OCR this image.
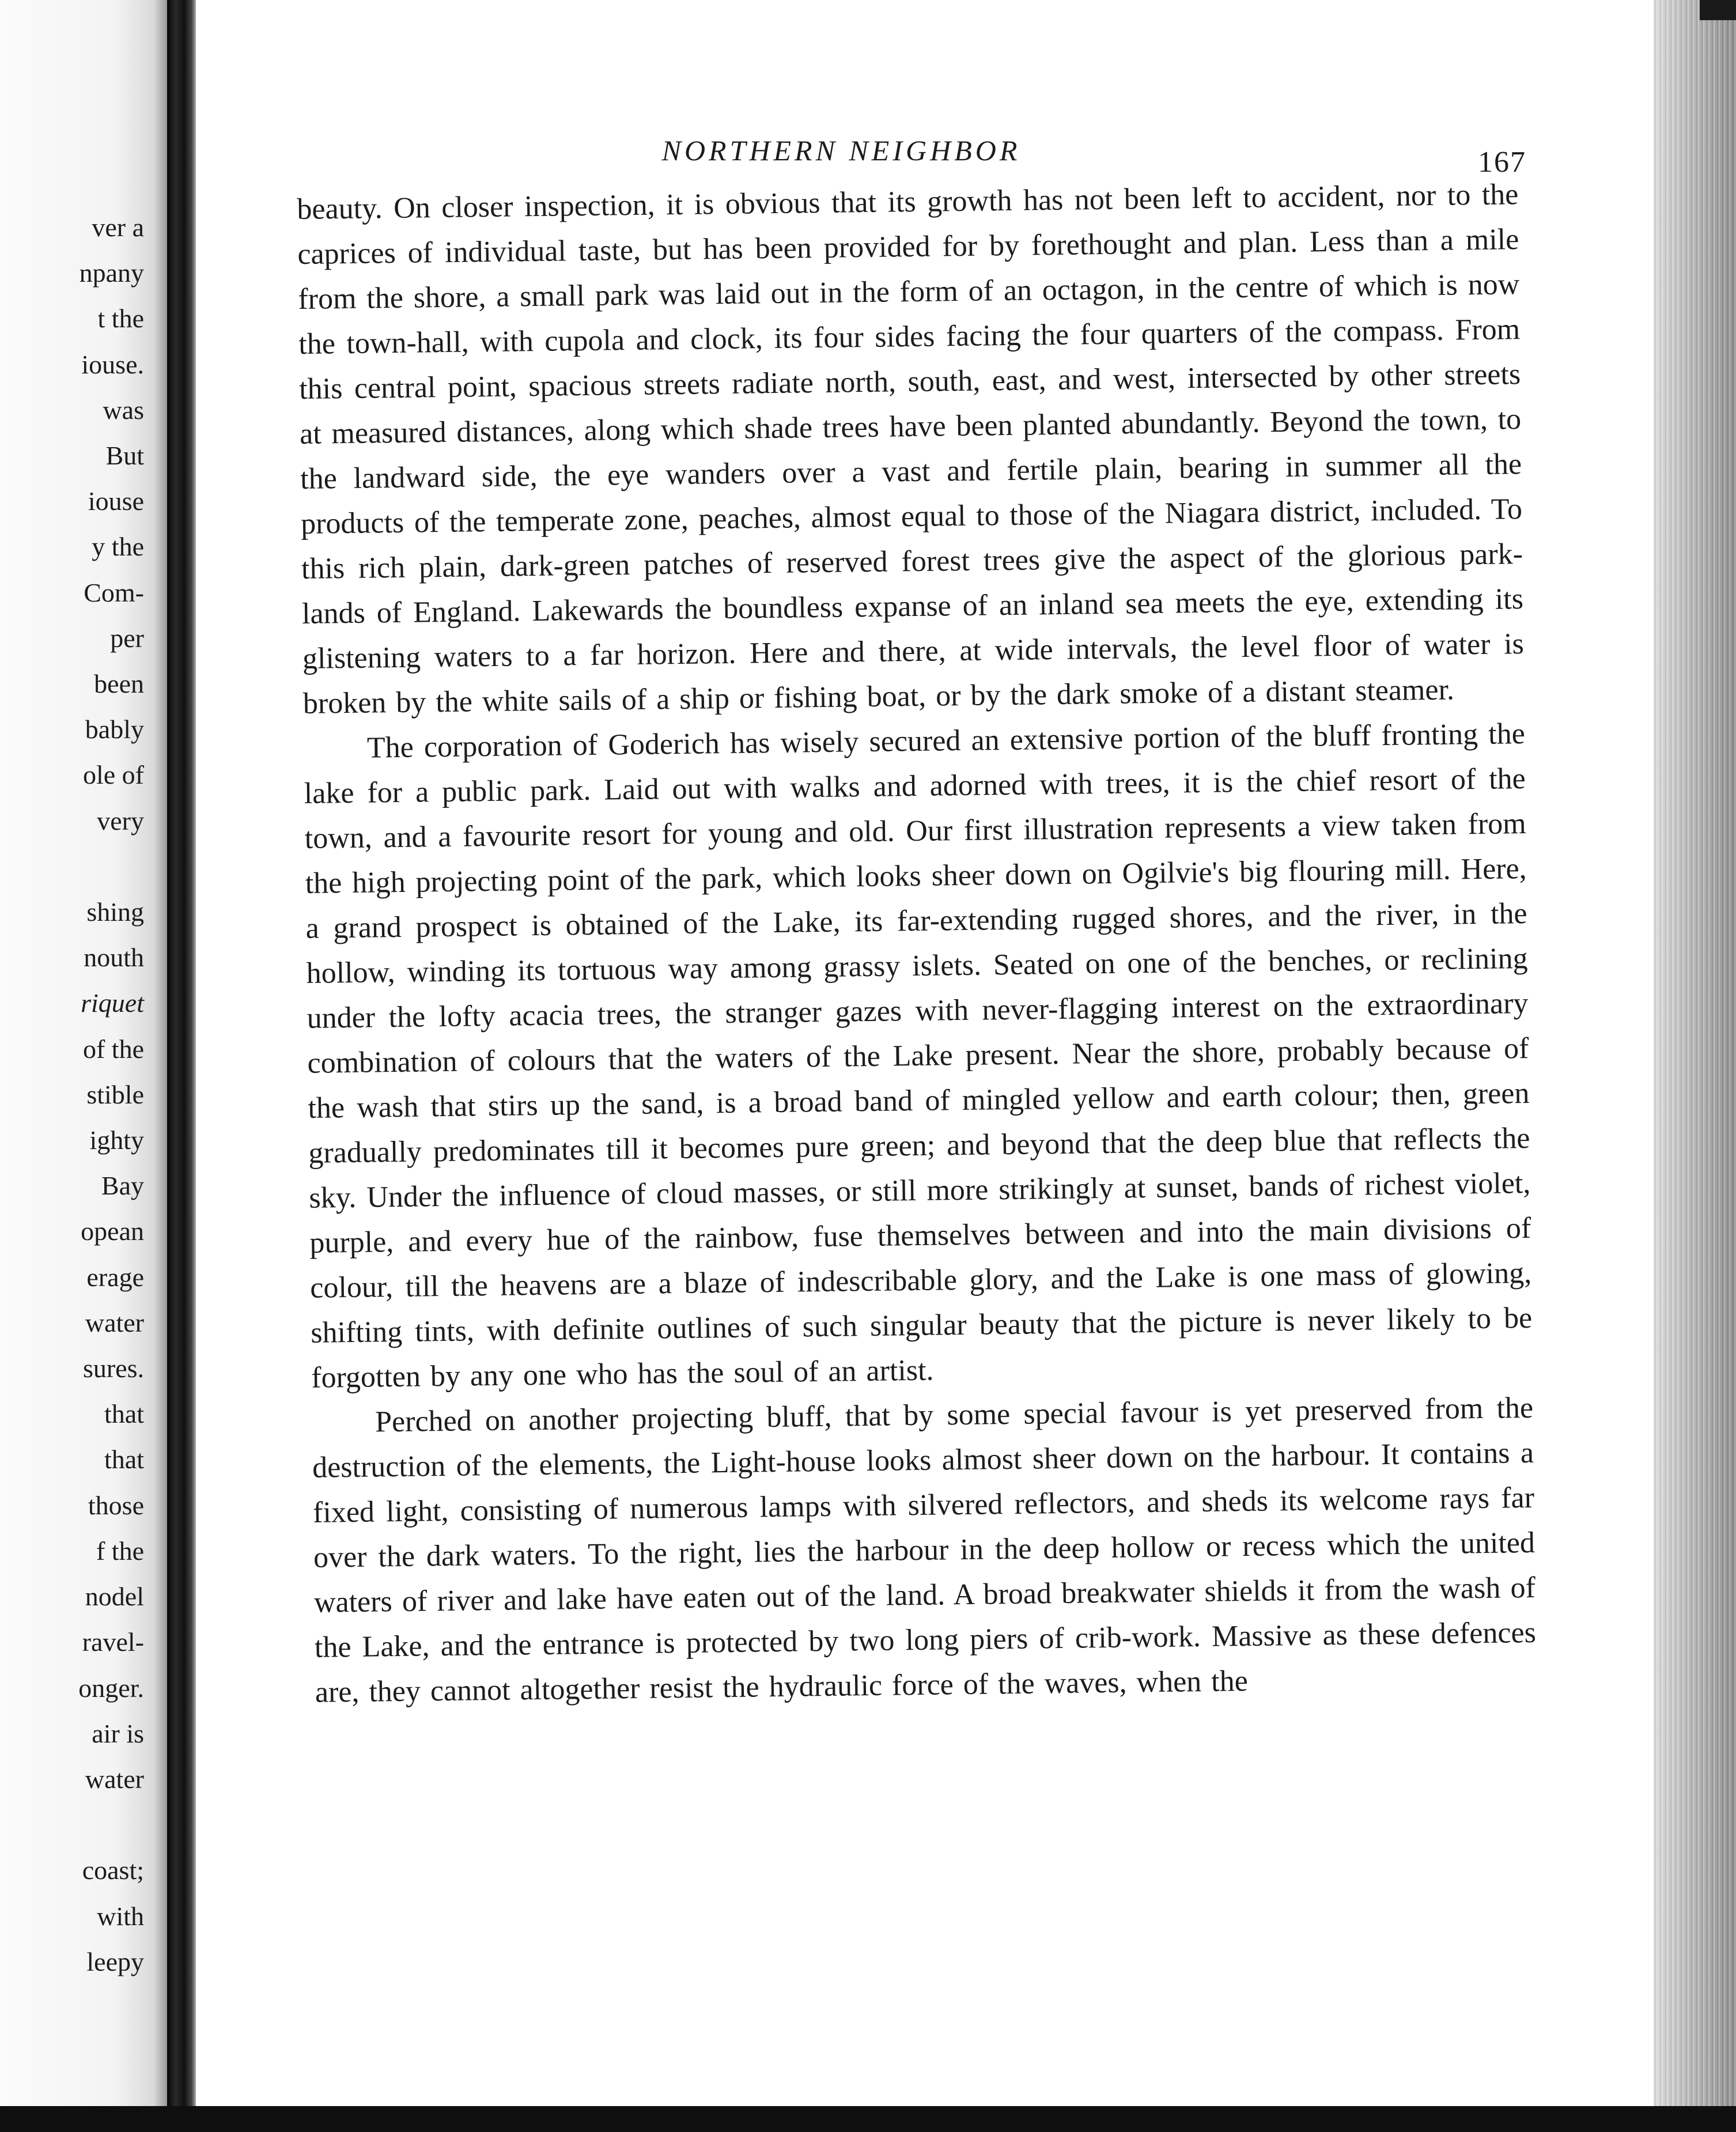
ver a
npany
t the
iouse.
was
But
iouse
y the
Com-
per
been
bably
ole of
very

shing
nouth
riquet
of the
stible
ighty
Bay
opean
erage
water
sures.
that
that
those
f the
nodel
ravel-
onger.
air is
water

coast;
with
leepy
NORTHERN NEIGHBOR	167

beauty. On closer inspection, it is obvious that its growth has not been left to accident, nor to the caprices of individual taste, but has been provided for by forethought and plan. Less than a mile from the shore, a small park was laid out in the form of an octagon, in the centre of which is now the town-hall, with cupola and clock, its four sides facing the four quarters of the compass. From this central point, spacious streets radiate north, south, east, and west, intersected by other streets at measured distances, along which shade trees have been planted abundantly. Beyond the town, to the landward side, the eye wanders over a vast and fertile plain, bearing in summer all the products of the temperate zone, peaches, almost equal to those of the Niagara district, included. To this rich plain, dark-green patches of reserved forest trees give the aspect of the glorious park-lands of England. Lakewards the boundless expanse of an inland sea meets the eye, extending its glistening waters to a far horizon. Here and there, at wide intervals, the level floor of water is broken by the white sails of a ship or fishing boat, or by the dark smoke of a distant steamer.

The corporation of Goderich has wisely secured an extensive portion of the bluff fronting the lake for a public park. Laid out with walks and adorned with trees, it is the chief resort of the town, and a favourite resort for young and old. Our first illustration represents a view taken from the high projecting point of the park, which looks sheer down on Ogilvie's big flouring mill. Here, a grand prospect is obtained of the Lake, its far-extending rugged shores, and the river, in the hollow, winding its tortuous way among grassy islets. Seated on one of the benches, or reclining under the lofty acacia trees, the stranger gazes with never-flagging interest on the extraordinary combination of colours that the waters of the Lake present. Near the shore, probably because of the wash that stirs up the sand, is a broad band of mingled yellow and earth colour; then, green gradually predominates till it becomes pure green; and beyond that the deep blue that reflects the sky. Under the influence of cloud masses, or still more strikingly at sunset, bands of richest violet, purple, and every hue of the rainbow, fuse themselves between and into the main divisions of colour, till the heavens are a blaze of indescribable glory, and the Lake is one mass of glowing, shifting tints, with definite outlines of such singular beauty that the picture is never likely to be forgotten by any one who has the soul of an artist.

Perched on another projecting bluff, that by some special favour is yet preserved from the destruction of the elements, the Light-house looks almost sheer down on the harbour. It contains a fixed light, consisting of numerous lamps with silvered reflectors, and sheds its welcome rays far over the dark waters. To the right, lies the harbour in the deep hollow or recess which the united waters of river and lake have eaten out of the land. A broad breakwater shields it from the wash of the Lake, and the entrance is protected by two long piers of crib-work. Massive as these defences are, they cannot altogether resist the hydraulic force of the waves, when the
